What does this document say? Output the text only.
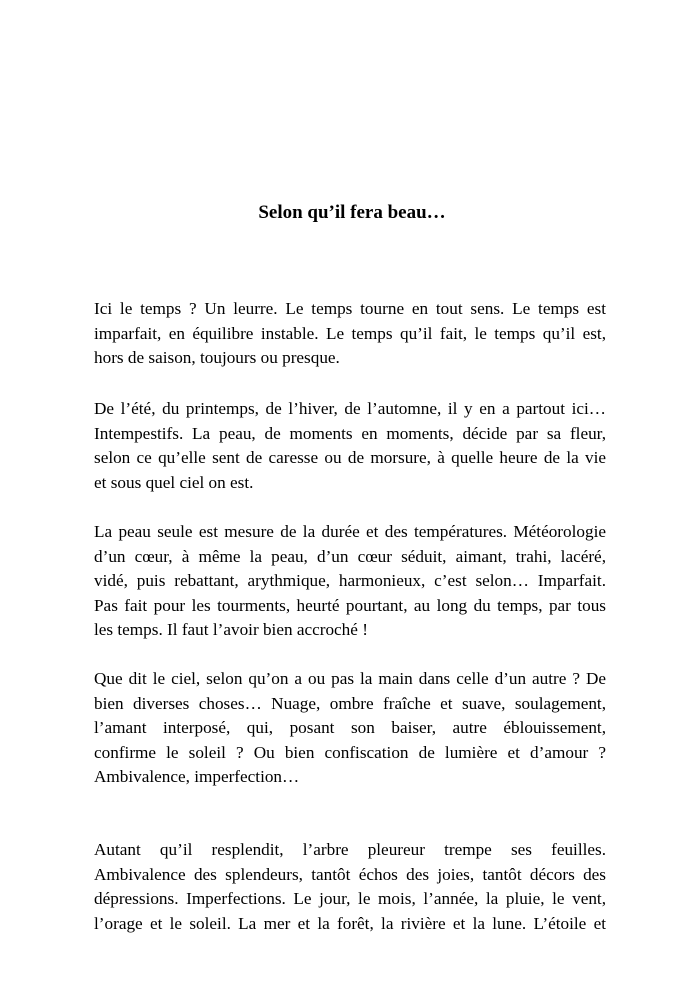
Selon qu’il fera beau…

Ici le temps ? Un leurre. Le temps tourne en tout sens. Le temps est
imparfait, en équilibre instable. Le temps qu’il fait, le temps qu’il est,
hors de saison, toujours ou presque.

De l’été, du printemps, de l’hiver, de l’automne, il y en a partout ici…
Intempestifs. La peau, de moments en moments, décide par sa fleur,
selon ce qu’elle sent de caresse ou de morsure, à quelle heure de la vie
et sous quel ciel on est.

La peau seule est mesure de la durée et des températures. Météorologie
d’un cœur, à même la peau, d’un cœur séduit, aimant, trahi, lacéré,
vidé, puis rebattant, arythmique, harmonieux, c’est selon… Imparfait.
Pas fait pour les tourments, heurté pourtant, au long du temps, par tous
les temps. Il faut l’avoir bien accroché !

Que dit le ciel, selon qu’on a ou pas la main dans celle d’un autre ? De
bien diverses choses… Nuage, ombre fraîche et suave, soulagement,
l’amant interposé, qui, posant son baiser, autre éblouissement,
confirme le soleil ? Ou bien confiscation de lumière et d’amour ?
Ambivalence, imperfection…

Autant qu’il resplendit, l’arbre pleureur trempe ses feuilles.
Ambivalence des splendeurs, tantôt échos des joies, tantôt décors des
dépressions. Imperfections. Le jour, le mois, l’année, la pluie, le vent,
l’orage et le soleil. La mer et la forêt, la rivière et la lune. L’étoile et
